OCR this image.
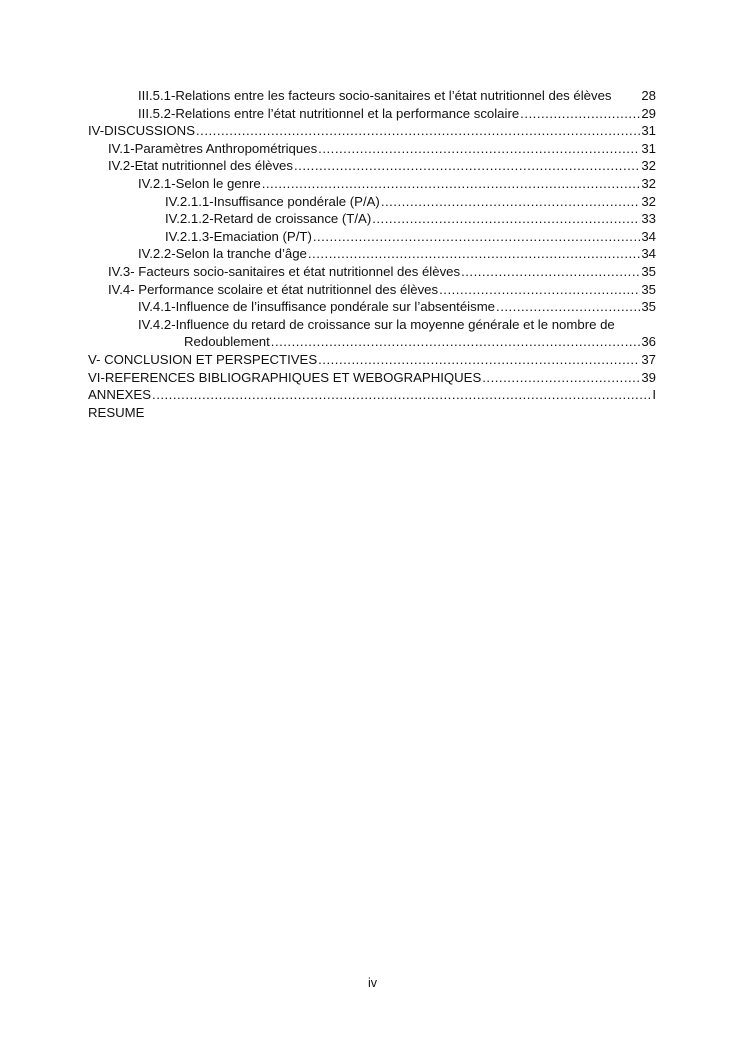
III.5.1-Relations entre les facteurs socio-sanitaires et l’état nutritionnel des élèves 28
III.5.2-Relations entre l’état nutritionnel et la performance scolaire .....	29
IV-DISCUSSIONS .....	31
IV.1-Paramètres Anthropométriques .....	31
IV.2-Etat nutritionnel des élèves .....	32
IV.2.1-Selon le genre .....	32
IV.2.1.1-Insuffisance pondérale (P/A) .....	32
IV.2.1.2-Retard de croissance (T/A) .....	33
IV.2.1.3-Emaciation (P/T) .....	34
IV.2.2-Selon la tranche d’âge .....	34
IV.3- Facteurs socio-sanitaires et état nutritionnel des élèves .....	35
IV.4- Performance scolaire et état nutritionnel des élèves .....	35
IV.4.1-Influence de l’insuffisance pondérale sur l’absentéisme .....	35
IV.4.2-Influence du retard de croissance sur la moyenne générale et le nombre de
Redoublement .....	36
V- CONCLUSION ET PERSPECTIVES .....	37
VI-REFERENCES BIBLIOGRAPHIQUES ET WEBOGRAPHIQUES .....	39
ANNEXES .....	I
RESUME
iv
